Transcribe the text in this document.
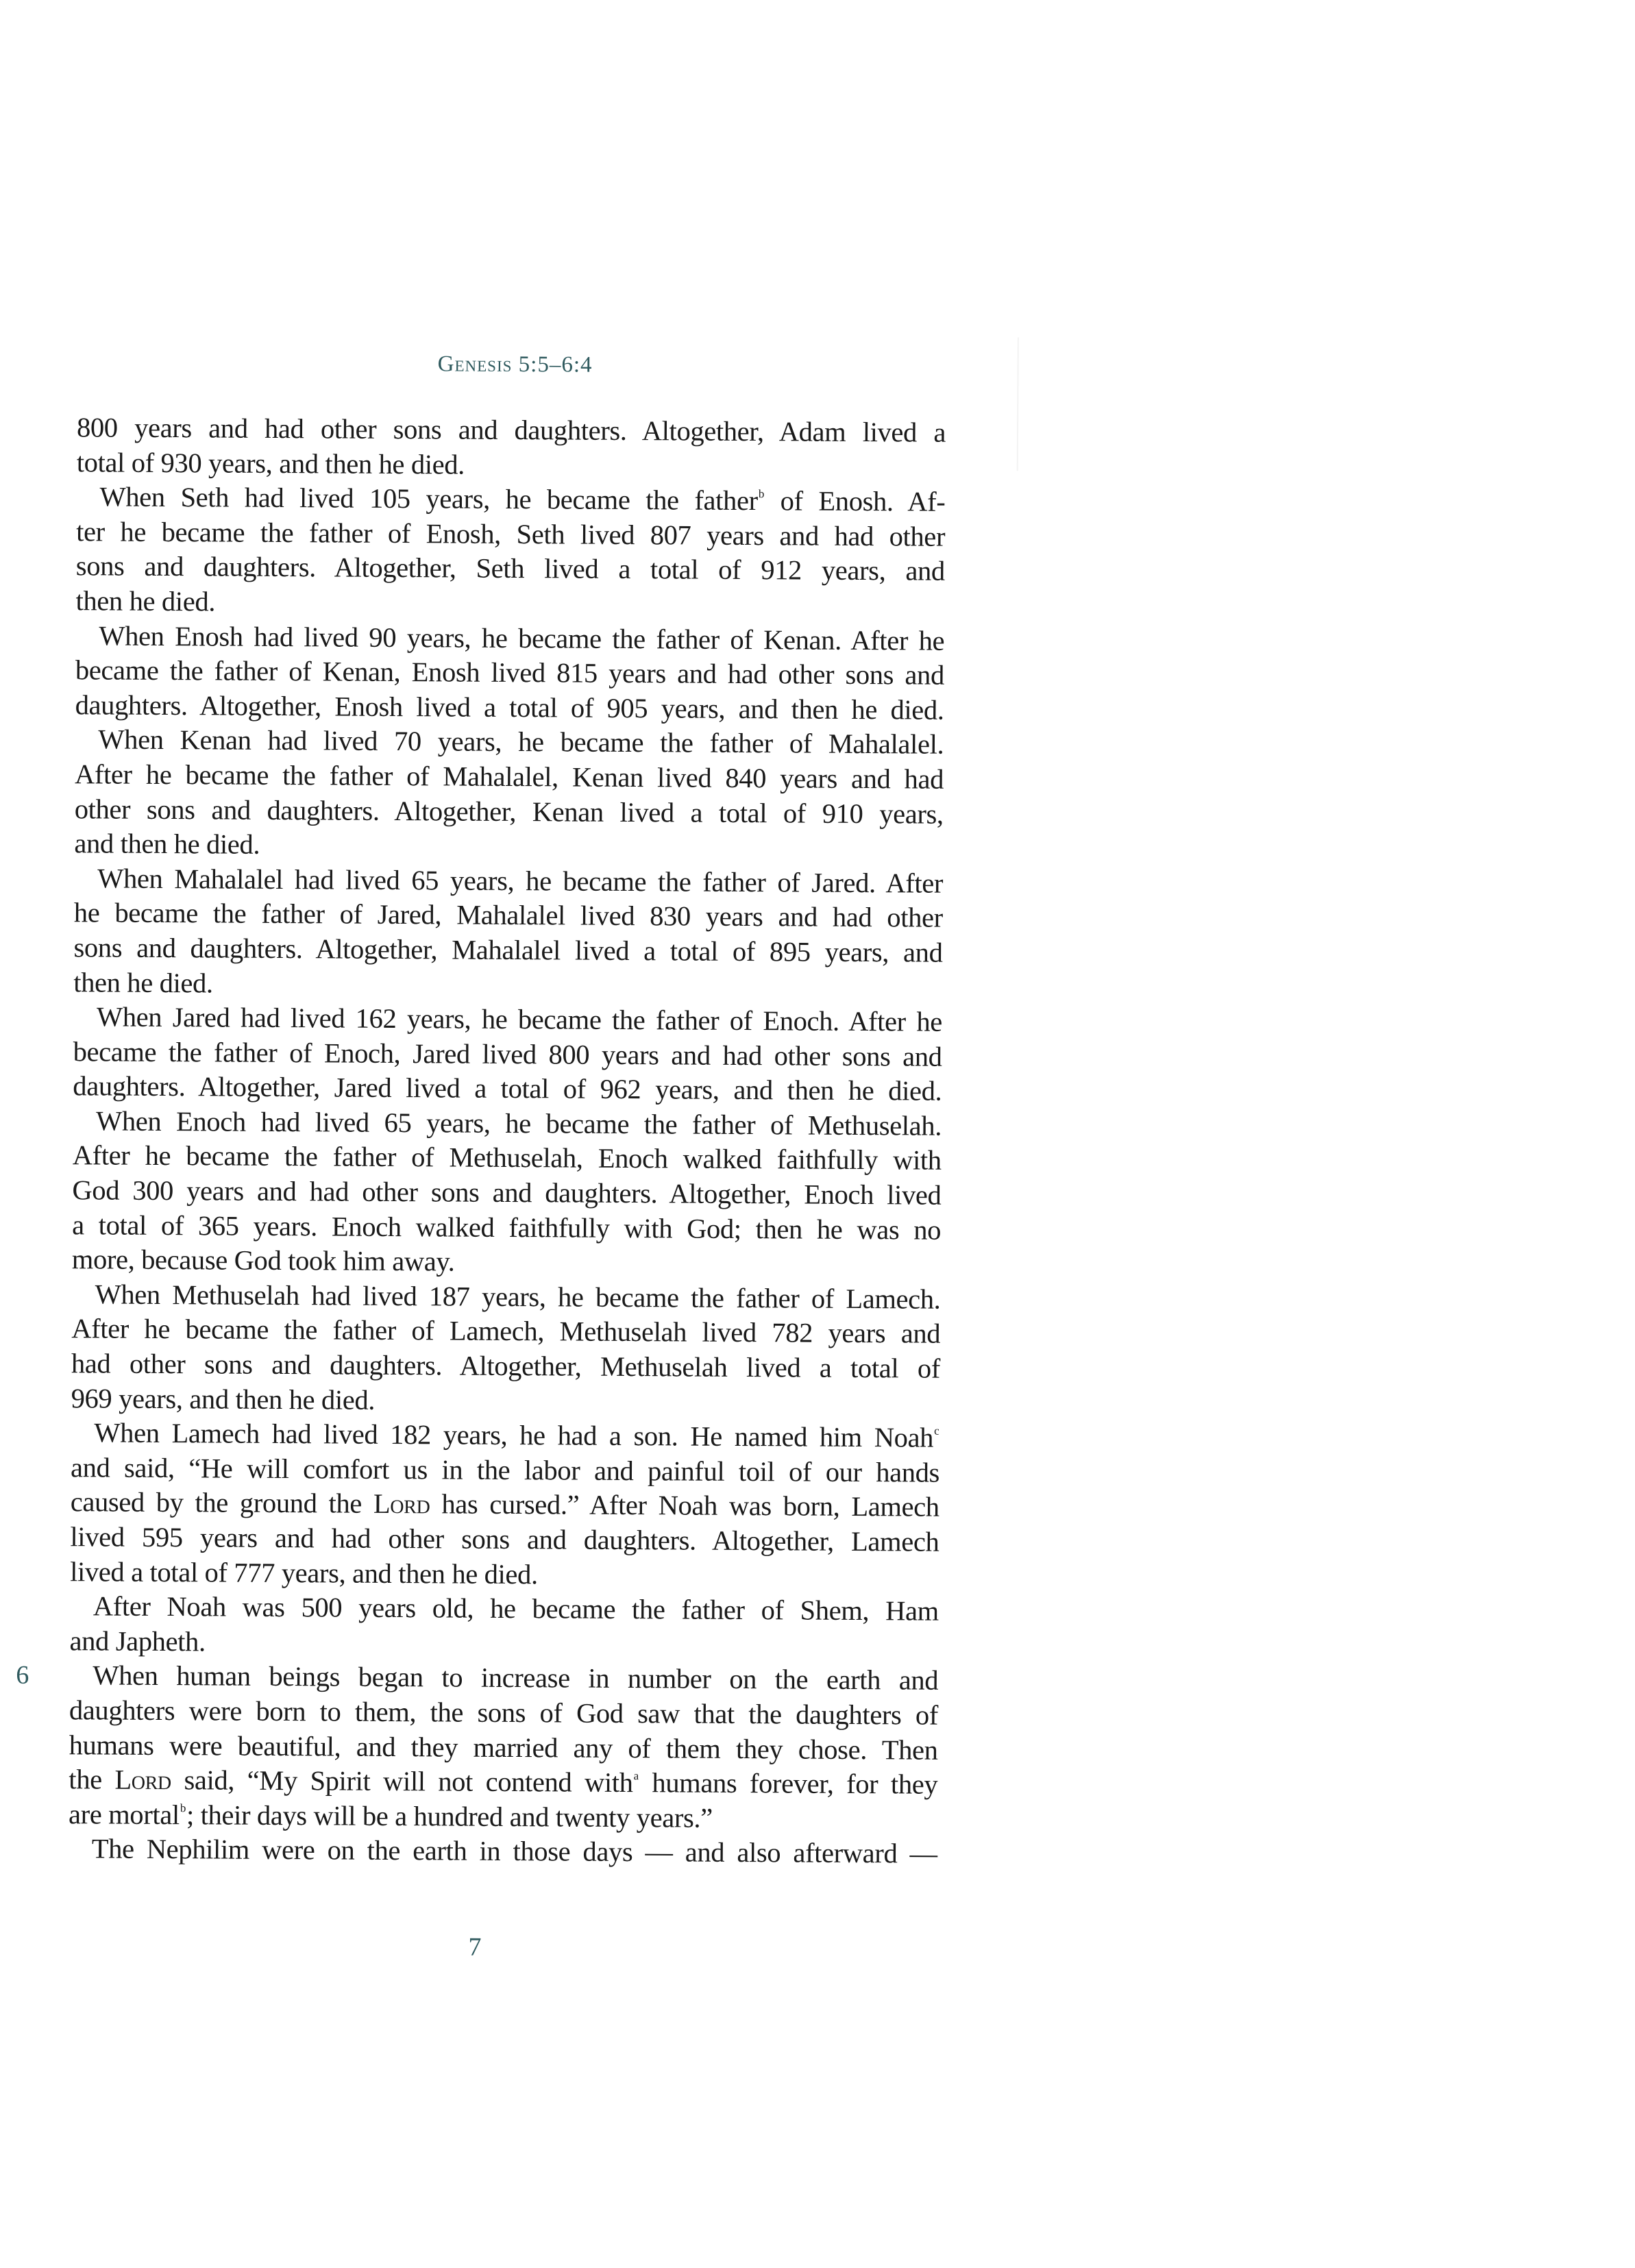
Genesis 5:5–6:4
800 years and had other sons and daughters. Altogether, Adam lived a
total of 930 years, and then he died.
When Seth had lived 105 years, he became the father$^b$ of Enosh. Af-
ter he became the father of Enosh, Seth lived 807 years and had other
sons and daughters. Altogether, Seth lived a total of 912 years, and
then he died.
When Enosh had lived 90 years, he became the father of Kenan. After he
became the father of Kenan, Enosh lived 815 years and had other sons and
daughters. Altogether, Enosh lived a total of 905 years, and then he died.
When Kenan had lived 70 years, he became the father of Mahalalel.
After he became the father of Mahalalel, Kenan lived 840 years and had
other sons and daughters. Altogether, Kenan lived a total of 910 years,
and then he died.
When Mahalalel had lived 65 years, he became the father of Jared. After
he became the father of Jared, Mahalalel lived 830 years and had other
sons and daughters. Altogether, Mahalalel lived a total of 895 years, and
then he died.
When Jared had lived 162 years, he became the father of Enoch. After he
became the father of Enoch, Jared lived 800 years and had other sons and
daughters. Altogether, Jared lived a total of 962 years, and then he died.
When Enoch had lived 65 years, he became the father of Methuselah.
After he became the father of Methuselah, Enoch walked faithfully with
God 300 years and had other sons and daughters. Altogether, Enoch lived
a total of 365 years. Enoch walked faithfully with God; then he was no
more, because God took him away.
When Methuselah had lived 187 years, he became the father of Lamech.
After he became the father of Lamech, Methuselah lived 782 years and
had other sons and daughters. Altogether, Methuselah lived a total of
969 years, and then he died.
When Lamech had lived 182 years, he had a son. He named him Noah$^c$
and said, “He will comfort us in the labor and painful toil of our hands
caused by the ground the Lord has cursed.” After Noah was born, Lamech
lived 595 years and had other sons and daughters. Altogether, Lamech
lived a total of 777 years, and then he died.
After Noah was 500 years old, he became the father of Shem, Ham
and Japheth.
6 When human beings began to increase in number on the earth and
daughters were born to them, the sons of God saw that the daughters of
humans were beautiful, and they married any of them they chose. Then
the Lord said, “My Spirit will not contend with$^a$ humans forever, for they
are mortal$^b$; their days will be a hundred and twenty years.”
The Nephilim were on the earth in those days — and also afterward —
7
